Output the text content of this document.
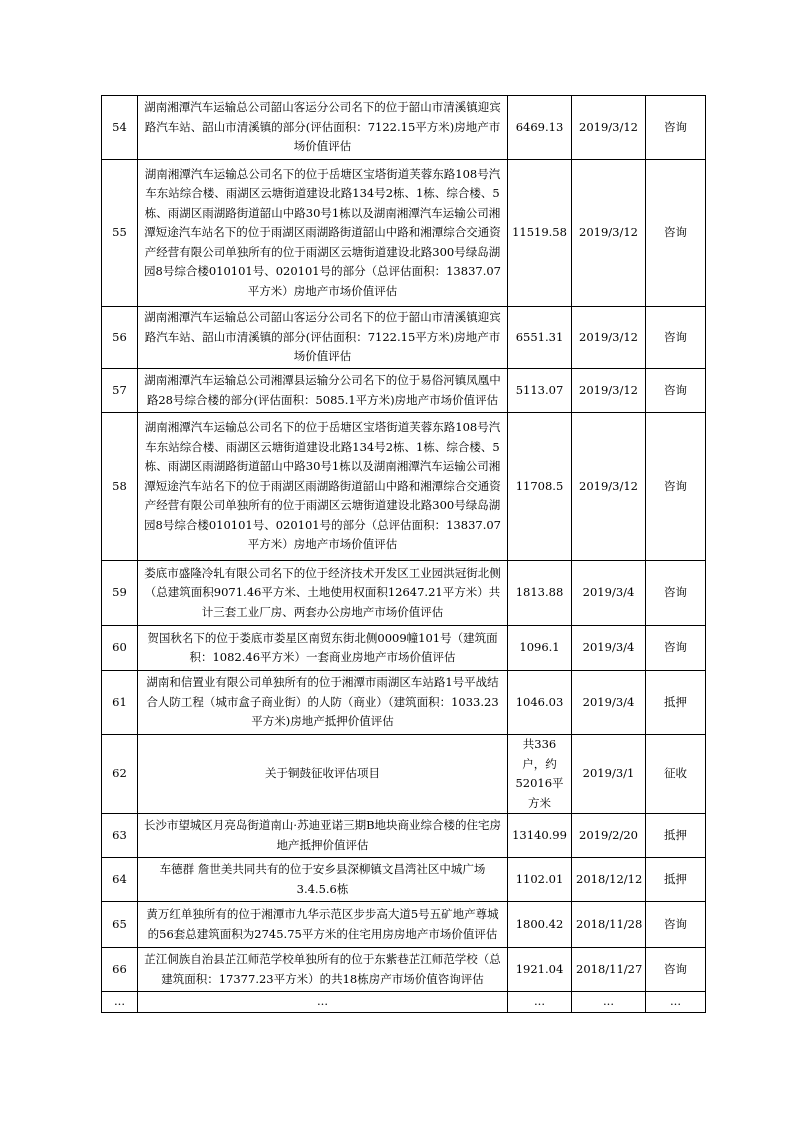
54	湖南湘潭汽车运输总公司韶山客运分公司名下的位于韶山市清溪镇迎宾路汽车站、韶山市清溪镇的部分(评估面积：7122.15平方米)房地产市场价值评估	6469.13	2019/3/12	咨询
55	湖南湘潭汽车运输总公司名下的位于岳塘区宝塔街道芙蓉东路108号汽车东站综合楼、雨湖区云塘街道建设北路134号2栋、1栋、综合楼、5栋、雨湖区雨湖路街道韶山中路30号1栋以及湖南湘潭汽车运输公司湘潭短途汽车站名下的位于雨湖区雨湖路街道韶山中路和湘潭综合交通资产经营有限公司单独所有的位于雨湖区云塘街道建设北路300号绿岛湖园8号综合楼010101号、020101号的部分（总评估面积：13837.07平方米）房地产市场价值评估	11519.58	2019/3/12	咨询
56	湖南湘潭汽车运输总公司韶山客运分公司名下的位于韶山市清溪镇迎宾路汽车站、韶山市清溪镇的部分(评估面积：7122.15平方米)房地产市场价值评估	6551.31	2019/3/12	咨询
57	湖南湘潭汽车运输总公司湘潭县运输分公司名下的位于易俗河镇凤凰中路28号综合楼的部分(评估面积：5085.1平方米)房地产市场价值评估	5113.07	2019/3/12	咨询
58	湖南湘潭汽车运输总公司名下的位于岳塘区宝塔街道芙蓉东路108号汽车东站综合楼、雨湖区云塘街道建设北路134号2栋、1栋、综合楼、5栋、雨湖区雨湖路街道韶山中路30号1栋以及湖南湘潭汽车运输公司湘潭短途汽车站名下的位于雨湖区雨湖路街道韶山中路和湘潭综合交通资产经营有限公司单独所有的位于雨湖区云塘街道建设北路300号绿岛湖园8号综合楼010101号、020101号的部分（总评估面积：13837.07平方米）房地产市场价值评估	11708.5	2019/3/12	咨询
59	娄底市盛隆冷轧有限公司名下的位于经济技术开发区工业园洪冠街北侧（总建筑面积9071.46平方米、土地使用权面积12647.21平方米）共计三套工业厂房、两套办公房地产市场价值评估	1813.88	2019/3/4	咨询
60	贺国秋名下的位于娄底市娄星区南贸东街北侧0009幢101号（建筑面积：1082.46平方米）一套商业房地产市场价值评估	1096.1	2019/3/4	咨询
61	湖南和信置业有限公司单独所有的位于湘潭市雨湖区车站路1号平战结合人防工程（城市盒子商业街）的人防（商业）（建筑面积：1033.23平方米)房地产抵押价值评估	1046.03	2019/3/4	抵押
62	关于铜鼓征收评估项目	共336户，约52016平方米	2019/3/1	征收
63	长沙市望城区月亮岛街道南山·苏迪亚诺三期B地块商业综合楼的住宅房地产抵押价值评估	13140.99	2019/2/20	抵押
64	车德群 詹世美共同共有的位于安乡县深柳镇文昌湾社区中城广场3.4.5.6栋	1102.01	2018/12/12	抵押
65	黄万红单独所有的位于湘潭市九华示范区步步高大道5号五矿地产尊城的56套总建筑面积为2745.75平方米的住宅用房房地产市场价值评估	1800.42	2018/11/28	咨询
66	芷江侗族自治县芷江师范学校单独所有的位于东紫巷芷江师范学校（总建筑面积：17377.23平方米）的共18栋房产市场价值咨询评估	1921.04	2018/11/27	咨询
...	...	...	...	...
